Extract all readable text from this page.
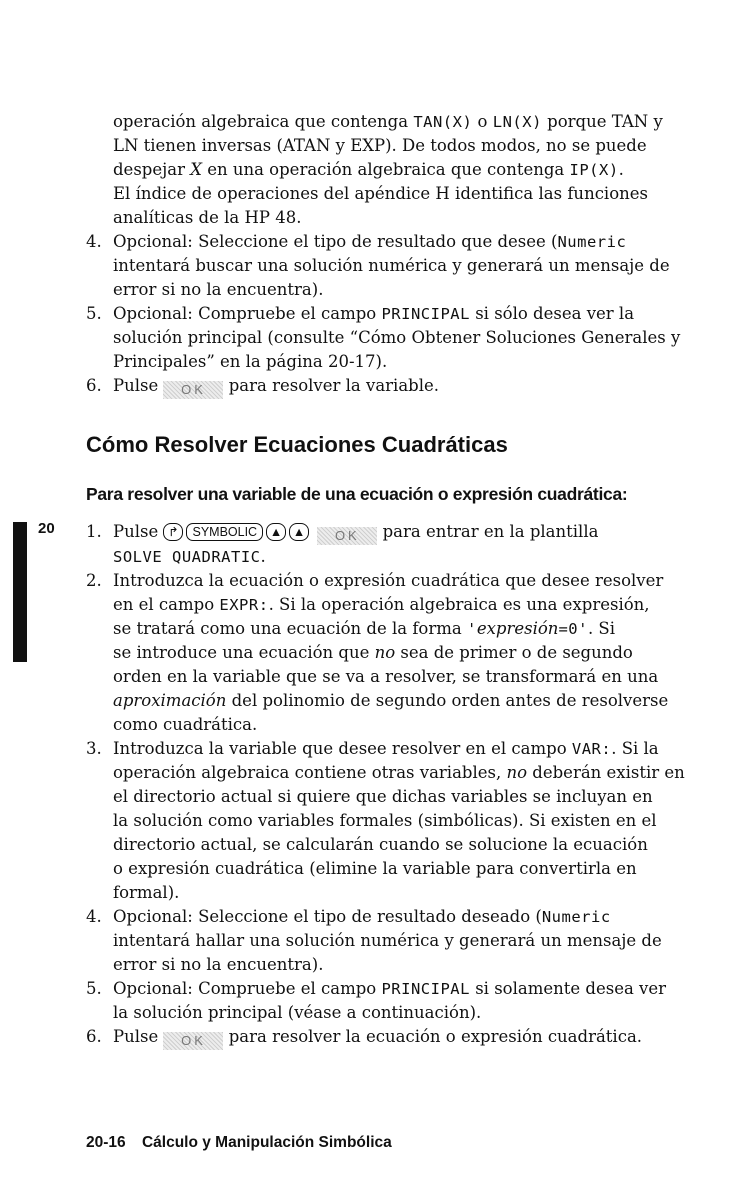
operación algebraica que contenga TAN(X) o LN(X) porque TAN y
LN tienen inversas (ATAN y EXP). De todos modos, no se puede
despejar X en una operación algebraica que contenga IP(X).
El índice de operaciones del apéndice H identifica las funciones
analíticas de la HP 48.
4. Opcional: Seleccione el tipo de resultado que desee (Numeric
intentará buscar una solución numérica y generará un mensaje de
error si no la encuentra).
5. Opcional: Compruebe el campo PRINCIPAL si sólo desea ver la
solución principal (consulte “Cómo Obtener Soluciones Generales y
Principales” en la página 20-17).
6. Pulse OK para resolver la variable.
Cómo Resolver Ecuaciones Cuadráticas
Para resolver una variable de una ecuación o expresión cuadrática:
20 1. Pulse ↱ SYMBOLIC ▲ ▲ OK para entrar en la plantilla
SOLVE QUADRATIC.
2. Introduzca la ecuación o expresión cuadrática que desee resolver
en el campo EXPR:. Si la operación algebraica es una expresión,
se tratará como una ecuación de la forma 'expresión=0'. Si
se introduce una ecuación que no sea de primer o de segundo
orden en la variable que se va a resolver, se transformará en una
aproximación del polinomio de segundo orden antes de resolverse
como cuadrática.
3. Introduzca la variable que desee resolver en el campo VAR:. Si la
operación algebraica contiene otras variables, no deberán existir en
el directorio actual si quiere que dichas variables se incluyan en
la solución como variables formales (simbólicas). Si existen en el
directorio actual, se calcularán cuando se solucione la ecuación
o expresión cuadrática (elimine la variable para convertirla en
formal).
4. Opcional: Seleccione el tipo de resultado deseado (Numeric
intentará hallar una solución numérica y generará un mensaje de
error si no la encuentra).
5. Opcional: Compruebe el campo PRINCIPAL si solamente desea ver
la solución principal (véase a continuación).
6. Pulse OK para resolver la ecuación o expresión cuadrática.
20-16 Cálculo y Manipulación Simbólica
